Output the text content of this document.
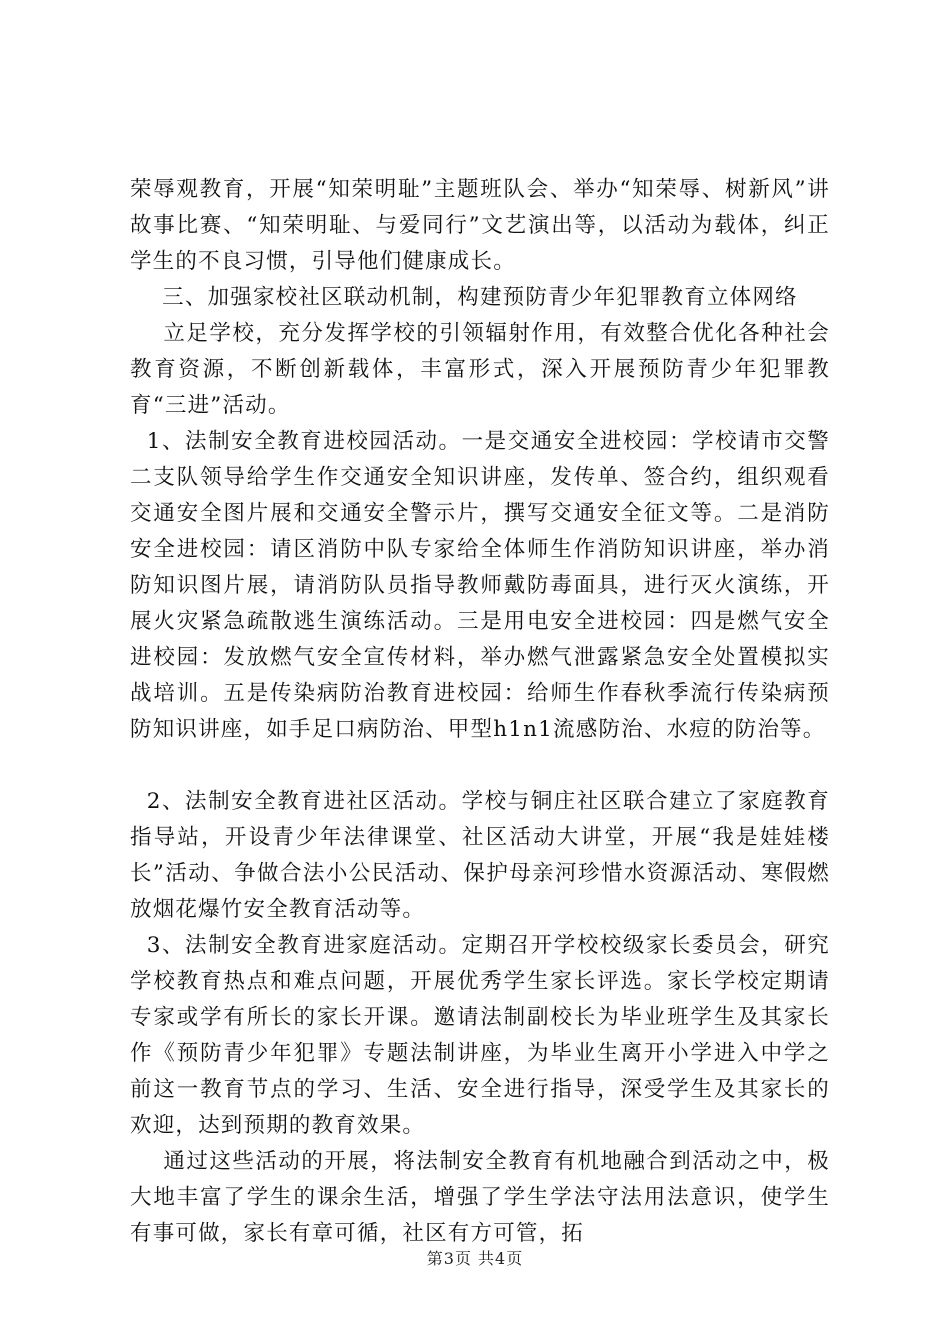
荣辱观教育，开展“知荣明耻”主题班队会、举办“知荣辱、树新风”讲故事比赛、“知荣明耻、与爱同行”文艺演出等，以活动为载体，纠正学生的不良习惯，引导他们健康成长。

三、加强家校社区联动机制，构建预防青少年犯罪教育立体网络

立足学校，充分发挥学校的引领辐射作用，有效整合优化各种社会教育资源，不断创新载体，丰富形式，深入开展预防青少年犯罪教育“三进”活动。

1、法制安全教育进校园活动。一是交通安全进校园：学校请市交警二支队领导给学生作交通安全知识讲座，发传单、签合约，组织观看交通安全图片展和交通安全警示片，撰写交通安全征文等。二是消防安全进校园：请区消防中队专家给全体师生作消防知识讲座，举办消防知识图片展，请消防队员指导教师戴防毒面具，进行灭火演练，开展火灾紧急疏散逃生演练活动。三是用电安全进校园：四是燃气安全进校园：发放燃气安全宣传材料，举办燃气泄露紧急安全处置模拟实战培训。五是传染病防治教育进校园：给师生作春秋季流行传染病预防知识讲座，如手足口病防治、甲型h1n1流感防治、水痘的防治等。

2、法制安全教育进社区活动。学校与铜庄社区联合建立了家庭教育指导站，开设青少年法律课堂、社区活动大讲堂，开展“我是娃娃楼长”活动、争做合法小公民活动、保护母亲河珍惜水资源活动、寒假燃放烟花爆竹安全教育活动等。

3、法制安全教育进家庭活动。定期召开学校校级家长委员会，研究学校教育热点和难点问题，开展优秀学生家长评选。家长学校定期请专家或学有所长的家长开课。邀请法制副校长为毕业班学生及其家长作《预防青少年犯罪》专题法制讲座，为毕业生离开小学进入中学之前这一教育节点的学习、生活、安全进行指导，深受学生及其家长的欢迎，达到预期的教育效果。

通过这些活动的开展，将法制安全教育有机地融合到活动之中，极大地丰富了学生的课余生活，增强了学生学法守法用法意识，使学生有事可做，家长有章可循，社区有方可管，拓

第3页 共4页
